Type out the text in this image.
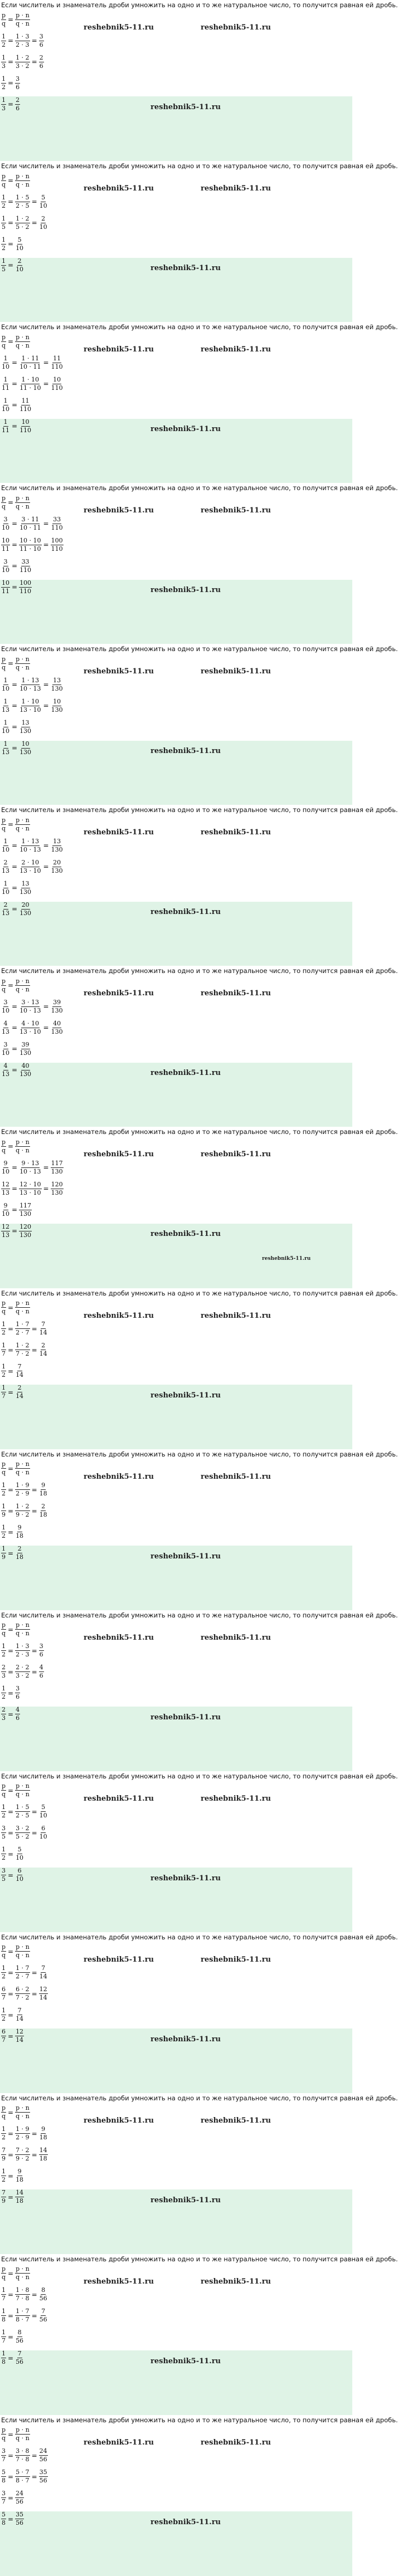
Если числитель и знаменатель дроби умножить на одно и то же натуральное число, то получится равная ей дробь.
$\frac{p}{q} = \frac{p \cdot n}{q \cdot n}$
$\frac{1}{2} = \frac{1 \cdot 3}{2 \cdot 3} = \frac{3}{6}$
$\frac{1}{3} = \frac{1 \cdot 2}{3 \cdot 2} = \frac{2}{6}$
$\frac{1}{2} = \frac{3}{6}$
$\frac{1}{3} = \frac{2}{6}$
reshebnik5-11.ru	reshebnik5-11.ru
reshebnik5-11.ru
Если числитель и знаменатель дроби умножить на одно и то же натуральное число, то получится равная ей дробь.
$\frac{p}{q} = \frac{p \cdot n}{q \cdot n}$
$\frac{1}{2} = \frac{1 \cdot 5}{2 \cdot 5} = \frac{5}{10}$
$\frac{1}{5} = \frac{1 \cdot 2}{5 \cdot 2} = \frac{2}{10}$
$\frac{1}{2} = \frac{5}{10}$
$\frac{1}{5} = \frac{2}{10}$
reshebnik5-11.ru	reshebnik5-11.ru
reshebnik5-11.ru
Если числитель и знаменатель дроби умножить на одно и то же натуральное число, то получится равная ей дробь.
$\frac{p}{q} = \frac{p \cdot n}{q \cdot n}$
$\frac{1}{10} = \frac{1 \cdot 11}{10 \cdot 11} = \frac{11}{110}$
$\frac{1}{11} = \frac{1 \cdot 10}{11 \cdot 10} = \frac{10}{110}$
$\frac{1}{10} = \frac{11}{110}$
$\frac{1}{11} = \frac{10}{110}$
reshebnik5-11.ru	reshebnik5-11.ru
reshebnik5-11.ru
Если числитель и знаменатель дроби умножить на одно и то же натуральное число, то получится равная ей дробь.
$\frac{p}{q} = \frac{p \cdot n}{q \cdot n}$
$\frac{3}{10} = \frac{3 \cdot 11}{10 \cdot 11} = \frac{33}{110}$
$\frac{10}{11} = \frac{10 \cdot 10}{11 \cdot 10} = \frac{100}{110}$
$\frac{3}{10} = \frac{33}{110}$
$\frac{10}{11} = \frac{100}{110}$
reshebnik5-11.ru	reshebnik5-11.ru
reshebnik5-11.ru
Если числитель и знаменатель дроби умножить на одно и то же натуральное число, то получится равная ей дробь.
$\frac{p}{q} = \frac{p \cdot n}{q \cdot n}$
$\frac{1}{10} = \frac{1 \cdot 13}{10 \cdot 13} = \frac{13}{130}$
$\frac{1}{13} = \frac{1 \cdot 10}{13 \cdot 10} = \frac{10}{130}$
$\frac{1}{10} = \frac{13}{130}$
$\frac{1}{13} = \frac{10}{130}$
reshebnik5-11.ru	reshebnik5-11.ru
reshebnik5-11.ru
Если числитель и знаменатель дроби умножить на одно и то же натуральное число, то получится равная ей дробь.
$\frac{p}{q} = \frac{p \cdot n}{q \cdot n}$
$\frac{1}{10} = \frac{1 \cdot 13}{10 \cdot 13} = \frac{13}{130}$
$\frac{2}{13} = \frac{2 \cdot 10}{13 \cdot 10} = \frac{20}{130}$
$\frac{1}{10} = \frac{13}{130}$
$\frac{2}{13} = \frac{20}{130}$
reshebnik5-11.ru	reshebnik5-11.ru
reshebnik5-11.ru
Если числитель и знаменатель дроби умножить на одно и то же натуральное число, то получится равная ей дробь.
$\frac{p}{q} = \frac{p \cdot n}{q \cdot n}$
$\frac{3}{10} = \frac{3 \cdot 13}{10 \cdot 13} = \frac{39}{130}$
$\frac{4}{13} = \frac{4 \cdot 10}{13 \cdot 10} = \frac{40}{130}$
$\frac{3}{10} = \frac{39}{130}$
$\frac{4}{13} = \frac{40}{130}$
reshebnik5-11.ru	reshebnik5-11.ru
reshebnik5-11.ru
Если числитель и знаменатель дроби умножить на одно и то же натуральное число, то получится равная ей дробь.
$\frac{p}{q} = \frac{p \cdot n}{q \cdot n}$
$\frac{9}{10} = \frac{9 \cdot 13}{10 \cdot 13} = \frac{117}{130}$
$\frac{12}{13} = \frac{12 \cdot 10}{13 \cdot 10} = \frac{120}{130}$
$\frac{9}{10} = \frac{117}{130}$
$\frac{12}{13} = \frac{120}{130}$
reshebnik5-11.ru	reshebnik5-11.ru
reshebnik5-11.ru
reshebnik5-11.ru
Если числитель и знаменатель дроби умножить на одно и то же натуральное число, то получится равная ей дробь.
$\frac{p}{q} = \frac{p \cdot n}{q \cdot n}$
$\frac{1}{2} = \frac{1 \cdot 7}{2 \cdot 7} = \frac{7}{14}$
$\frac{1}{7} = \frac{1 \cdot 2}{7 \cdot 2} = \frac{2}{14}$
$\frac{1}{2} = \frac{7}{14}$
$\frac{1}{7} = \frac{2}{14}$
reshebnik5-11.ru	reshebnik5-11.ru
reshebnik5-11.ru
Если числитель и знаменатель дроби умножить на одно и то же натуральное число, то получится равная ей дробь.
$\frac{p}{q} = \frac{p \cdot n}{q \cdot n}$
$\frac{1}{2} = \frac{1 \cdot 9}{2 \cdot 9} = \frac{9}{18}$
$\frac{1}{9} = \frac{1 \cdot 2}{9 \cdot 2} = \frac{2}{18}$
$\frac{1}{2} = \frac{9}{18}$
$\frac{1}{9} = \frac{2}{18}$
reshebnik5-11.ru	reshebnik5-11.ru
reshebnik5-11.ru
Если числитель и знаменатель дроби умножить на одно и то же натуральное число, то получится равная ей дробь.
$\frac{p}{q} = \frac{p \cdot n}{q \cdot n}$
$\frac{1}{2} = \frac{1 \cdot 3}{2 \cdot 3} = \frac{3}{6}$
$\frac{2}{3} = \frac{2 \cdot 2}{3 \cdot 2} = \frac{4}{6}$
$\frac{1}{2} = \frac{3}{6}$
$\frac{2}{3} = \frac{4}{6}$
reshebnik5-11.ru	reshebnik5-11.ru
reshebnik5-11.ru
Если числитель и знаменатель дроби умножить на одно и то же натуральное число, то получится равная ей дробь.
$\frac{p}{q} = \frac{p \cdot n}{q \cdot n}$
$\frac{1}{2} = \frac{1 \cdot 5}{2 \cdot 5} = \frac{5}{10}$
$\frac{3}{5} = \frac{3 \cdot 2}{5 \cdot 2} = \frac{6}{10}$
$\frac{1}{2} = \frac{5}{10}$
$\frac{3}{5} = \frac{6}{10}$
reshebnik5-11.ru	reshebnik5-11.ru
reshebnik5-11.ru
Если числитель и знаменатель дроби умножить на одно и то же натуральное число, то получится равная ей дробь.
$\frac{p}{q} = \frac{p \cdot n}{q \cdot n}$
$\frac{1}{2} = \frac{1 \cdot 7}{2 \cdot 7} = \frac{7}{14}$
$\frac{6}{7} = \frac{6 \cdot 2}{7 \cdot 2} = \frac{12}{14}$
$\frac{1}{2} = \frac{7}{14}$
$\frac{6}{7} = \frac{12}{14}$
reshebnik5-11.ru	reshebnik5-11.ru
reshebnik5-11.ru
Если числитель и знаменатель дроби умножить на одно и то же натуральное число, то получится равная ей дробь.
$\frac{p}{q} = \frac{p \cdot n}{q \cdot n}$
$\frac{1}{2} = \frac{1 \cdot 9}{2 \cdot 9} = \frac{9}{18}$
$\frac{7}{9} = \frac{7 \cdot 2}{9 \cdot 2} = \frac{14}{18}$
$\frac{1}{2} = \frac{9}{18}$
$\frac{7}{9} = \frac{14}{18}$
reshebnik5-11.ru	reshebnik5-11.ru
reshebnik5-11.ru
Если числитель и знаменатель дроби умножить на одно и то же натуральное число, то получится равная ей дробь.
$\frac{p}{q} = \frac{p \cdot n}{q \cdot n}$
$\frac{1}{7} = \frac{1 \cdot 8}{7 \cdot 8} = \frac{8}{56}$
$\frac{1}{8} = \frac{1 \cdot 7}{8 \cdot 7} = \frac{7}{56}$
$\frac{1}{7} = \frac{8}{56}$
$\frac{1}{8} = \frac{7}{56}$
reshebnik5-11.ru	reshebnik5-11.ru
reshebnik5-11.ru
Если числитель и знаменатель дроби умножить на одно и то же натуральное число, то получится равная ей дробь.
$\frac{p}{q} = \frac{p \cdot n}{q \cdot n}$
$\frac{3}{7} = \frac{3 \cdot 8}{7 \cdot 8} = \frac{24}{56}$
$\frac{5}{8} = \frac{5 \cdot 7}{8 \cdot 7} = \frac{35}{56}$
$\frac{3}{7} = \frac{24}{56}$
$\frac{5}{8} = \frac{35}{56}$
reshebnik5-11.ru	reshebnik5-11.ru
reshebnik5-11.ru
